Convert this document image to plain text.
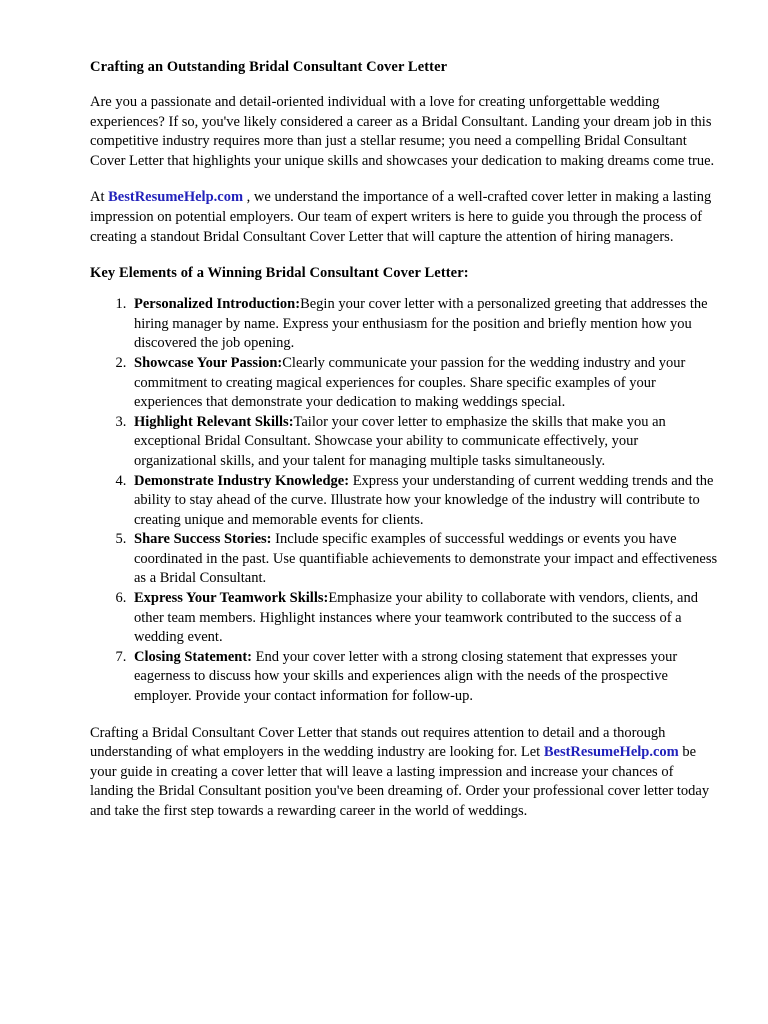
Crafting an Outstanding Bridal Consultant Cover Letter

Are you a passionate and detail-oriented individual with a love for creating unforgettable wedding experiences? If so, you've likely considered a career as a Bridal Consultant. Landing your dream job in this competitive industry requires more than just a stellar resume; you need a compelling Bridal Consultant Cover Letter that highlights your unique skills and showcases your dedication to making dreams come true.

At BestResumeHelp.com , we understand the importance of a well-crafted cover letter in making a lasting impression on potential employers. Our team of expert writers is here to guide you through the process of creating a standout Bridal Consultant Cover Letter that will capture the attention of hiring managers.

Key Elements of a Winning Bridal Consultant Cover Letter:
1. Personalized Introduction:Begin your cover letter with a personalized greeting that addresses the hiring manager by name. Express your enthusiasm for the position and briefly mention how you discovered the job opening.
2. Showcase Your Passion:Clearly communicate your passion for the wedding industry and your commitment to creating magical experiences for couples. Share specific examples of your experiences that demonstrate your dedication to making weddings special.
3. Highlight Relevant Skills:Tailor your cover letter to emphasize the skills that make you an exceptional Bridal Consultant. Showcase your ability to communicate effectively, your organizational skills, and your talent for managing multiple tasks simultaneously.
4. Demonstrate Industry Knowledge: Express your understanding of current wedding trends and the ability to stay ahead of the curve. Illustrate how your knowledge of the industry will contribute to creating unique and memorable events for clients.
5. Share Success Stories: Include specific examples of successful weddings or events you have coordinated in the past. Use quantifiable achievements to demonstrate your impact and effectiveness as a Bridal Consultant.
6. Express Your Teamwork Skills:Emphasize your ability to collaborate with vendors, clients, and other team members. Highlight instances where your teamwork contributed to the success of a wedding event.
7. Closing Statement: End your cover letter with a strong closing statement that expresses your eagerness to discuss how your skills and experiences align with the needs of the prospective employer. Provide your contact information for follow-up.

Crafting a Bridal Consultant Cover Letter that stands out requires attention to detail and a thorough understanding of what employers in the wedding industry are looking for. Let BestResumeHelp.com be your guide in creating a cover letter that will leave a lasting impression and increase your chances of landing the Bridal Consultant position you've been dreaming of. Order your professional cover letter today and take the first step towards a rewarding career in the world of weddings.
